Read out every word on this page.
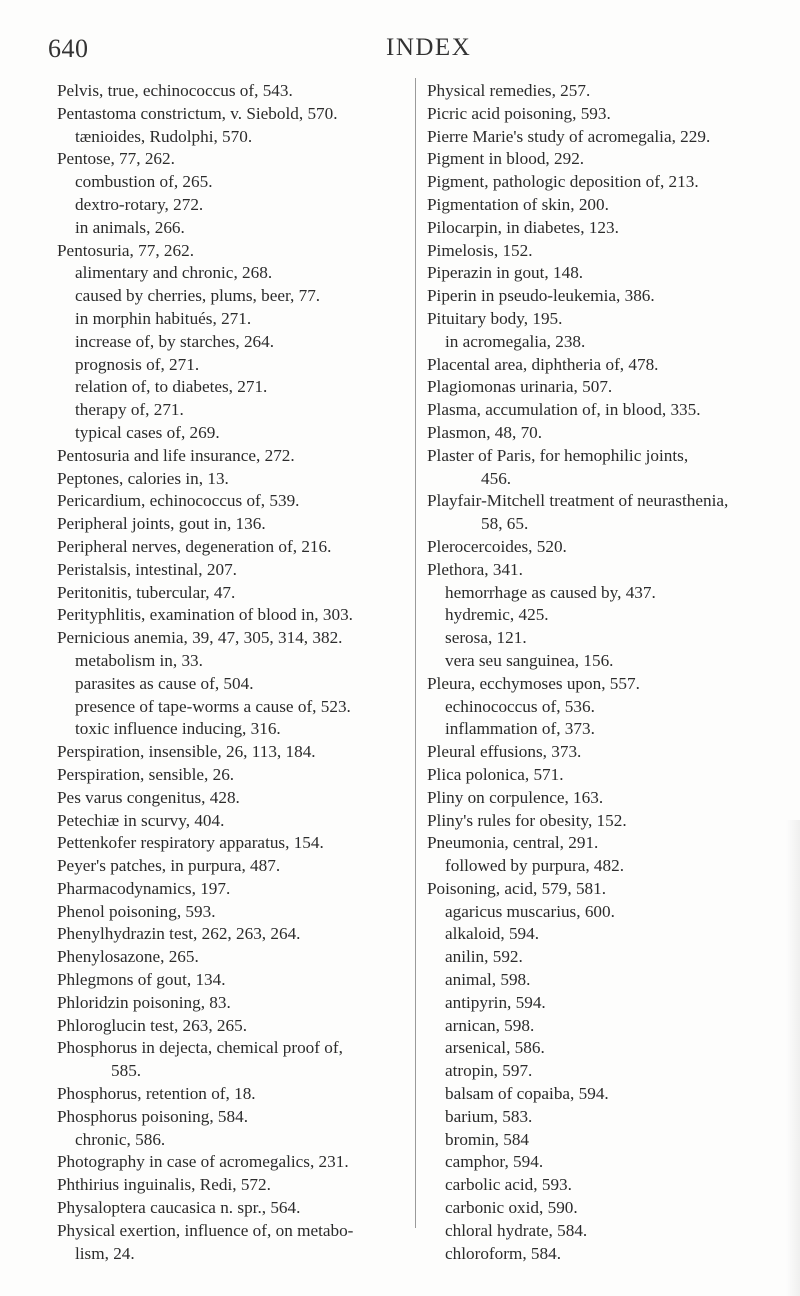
640	INDEX
Pelvis, true, echinococcus of, 543.
Pentastoma constrictum, v. Siebold, 570.
tænioides, Rudolphi, 570.
Pentose, 77, 262.
combustion of, 265.
dextro-rotary, 272.
in animals, 266.
Pentosuria, 77, 262.
alimentary and chronic, 268.
caused by cherries, plums, beer, 77.
in morphin habitués, 271.
increase of, by starches, 264.
prognosis of, 271.
relation of, to diabetes, 271.
therapy of, 271.
typical cases of, 269.
Pentosuria and life insurance, 272.
Peptones, calories in, 13.
Pericardium, echinococcus of, 539.
Peripheral joints, gout in, 136.
Peripheral nerves, degeneration of, 216.
Peristalsis, intestinal, 207.
Peritonitis, tubercular, 47.
Perityphlitis, examination of blood in, 303.
Pernicious anemia, 39, 47, 305, 314, 382.
metabolism in, 33.
parasites as cause of, 504.
presence of tape-worms a cause of, 523.
toxic influence inducing, 316.
Perspiration, insensible, 26, 113, 184.
Perspiration, sensible, 26.
Pes varus congenitus, 428.
Petechiæ in scurvy, 404.
Pettenkofer respiratory apparatus, 154.
Peyer's patches, in purpura, 487.
Pharmacodynamics, 197.
Phenol poisoning, 593.
Phenylhydrazin test, 262, 263, 264.
Phenylosazone, 265.
Phlegmons of gout, 134.
Phloridzin poisoning, 83.
Phloroglucin test, 263, 265.
Phosphorus in dejecta, chemical proof of,
585.
Phosphorus, retention of, 18.
Phosphorus poisoning, 584.
chronic, 586.
Photography in case of acromegalics, 231.
Phthirius inguinalis, Redi, 572.
Physaloptera caucasica n. spr., 564.
Physical exertion, influence of, on metabo-
lism, 24.
Physical remedies, 257.
Picric acid poisoning, 593.
Pierre Marie's study of acromegalia, 229.
Pigment in blood, 292.
Pigment, pathologic deposition of, 213.
Pigmentation of skin, 200.
Pilocarpin, in diabetes, 123.
Pimelosis, 152.
Piperazin in gout, 148.
Piperin in pseudo-leukemia, 386.
Pituitary body, 195.
in acromegalia, 238.
Placental area, diphtheria of, 478.
Plagiomonas urinaria, 507.
Plasma, accumulation of, in blood, 335.
Plasmon, 48, 70.
Plaster of Paris, for hemophilic joints,
456.
Playfair-Mitchell treatment of neurasthenia,
58, 65.
Plerocercoides, 520.
Plethora, 341.
hemorrhage as caused by, 437.
hydremic, 425.
serosa, 121.
vera seu sanguinea, 156.
Pleura, ecchymoses upon, 557.
echinococcus of, 536.
inflammation of, 373.
Pleural effusions, 373.
Plica polonica, 571.
Pliny on corpulence, 163.
Pliny's rules for obesity, 152.
Pneumonia, central, 291.
followed by purpura, 482.
Poisoning, acid, 579, 581.
agaricus muscarius, 600.
alkaloid, 594.
anilin, 592.
animal, 598.
antipyrin, 594.
arnican, 598.
arsenical, 586.
atropin, 597.
balsam of copaiba, 594.
barium, 583.
bromin, 584
camphor, 594.
carbolic acid, 593.
carbonic oxid, 590.
chloral hydrate, 584.
chloroform, 584.
